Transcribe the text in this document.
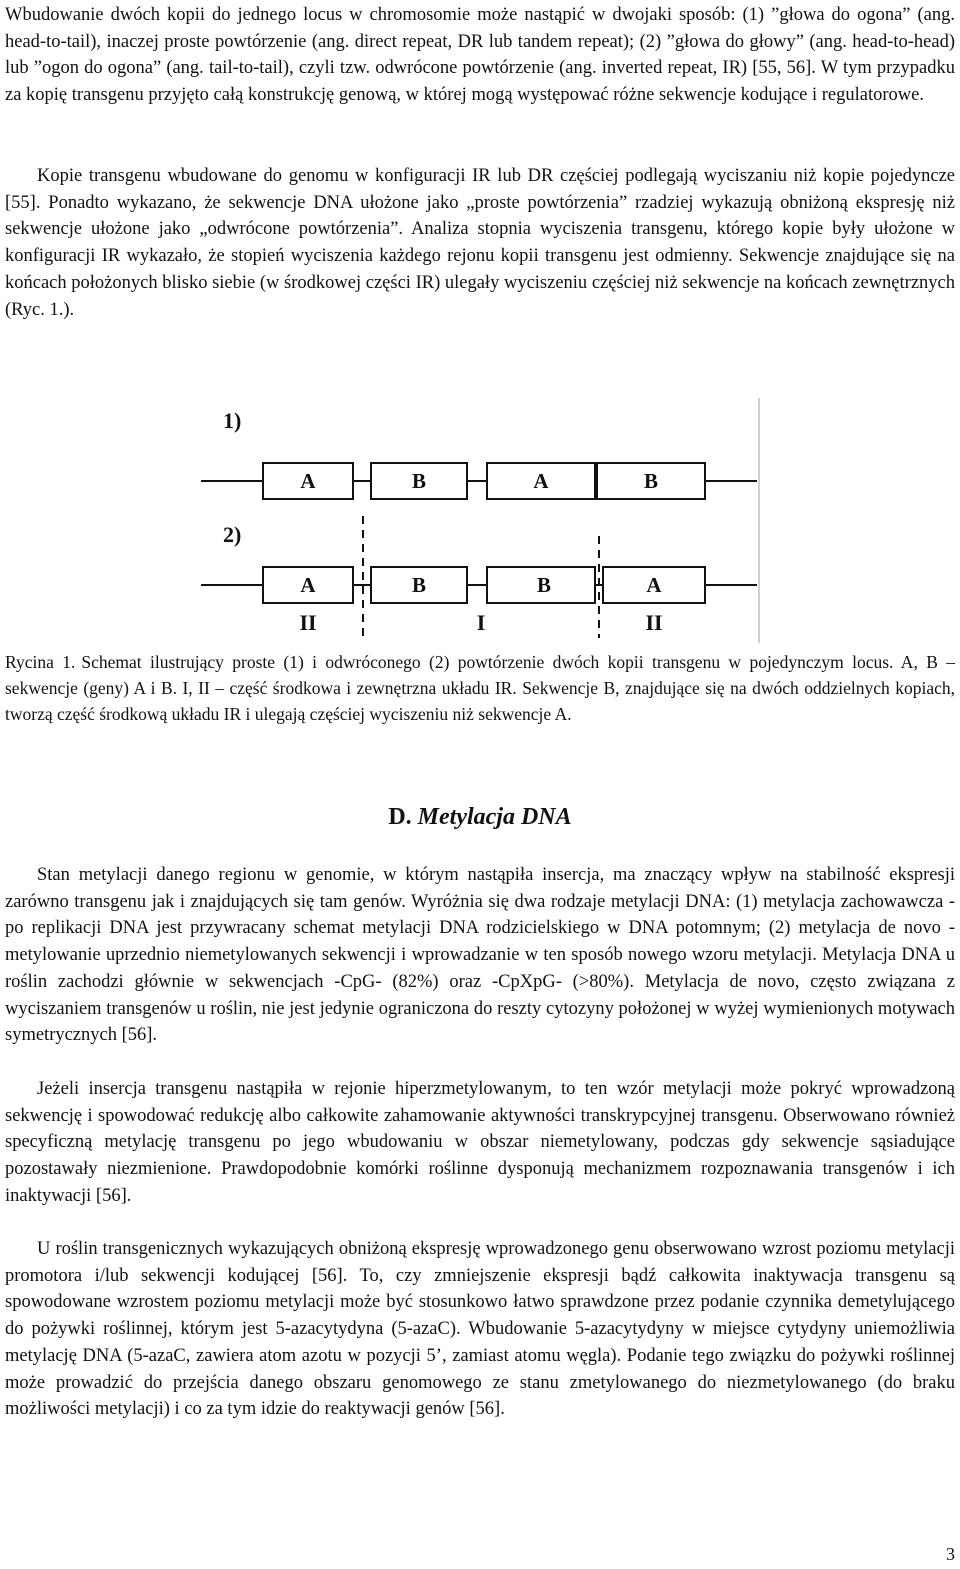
Wbudowanie dwóch kopii do jednego locus w chromosomie może nastąpić w dwojaki sposób: (1) ”głowa do ogona” (ang. head-to-tail), inaczej proste powtórzenie (ang. direct repeat, DR lub tandem repeat); (2) ”głowa do głowy” (ang. head-to-head) lub ”ogon do ogona” (ang. tail-to-tail), czyli tzw. odwrócone powtórzenie (ang. inverted repeat, IR) [55, 56]. W tym przypadku za kopię transgenu przyjęto całą konstrukcję genową, w której mogą występować różne sekwencje kodujące i regulatorowe.

Kopie transgenu wbudowane do genomu w konfiguracji IR lub DR częściej podlegają wyciszaniu niż kopie pojedyncze [55]. Ponadto wykazano, że sekwencje DNA ułożone jako „proste powtórzenia” rzadziej wykazują obniżoną ekspresję niż sekwencje ułożone jako „odwrócone powtórzenia”. Analiza stopnia wyciszenia transgenu, którego kopie były ułożone w konfiguracji IR wykazało, że stopień wyciszenia każdego rejonu kopii transgenu jest odmienny. Sekwencje znajdujące się na końcach położonych blisko siebie (w środkowej części IR) ulegały wyciszeniu częściej niż sekwencje na końcach zewnętrznych (Ryc. 1.).

1)
A	B	A	B
2)
A	B	B	A
II	I	II

Rycina 1. Schemat ilustrujący proste (1) i odwróconego (2) powtórzenie dwóch kopii transgenu w pojedynczym locus. A, B – sekwencje (geny) A i B. I, II – część środkowa i zewnętrzna układu IR. Sekwencje B, znajdujące się na dwóch oddzielnych kopiach, tworzą część środkową układu IR i ulegają częściej wyciszeniu niż sekwencje A.

D. Metylacja DNA

Stan metylacji danego regionu w genomie, w którym nastąpiła insercja, ma znaczący wpływ na stabilność ekspresji zarówno transgenu jak i znajdujących się tam genów. Wyróżnia się dwa rodzaje metylacji DNA: (1) metylacja zachowawcza - po replikacji DNA jest przywracany schemat metylacji DNA rodzicielskiego w DNA potomnym; (2) metylacja de novo - metylowanie uprzednio niemetylowanych sekwencji i wprowadzanie w ten sposób nowego wzoru metylacji. Metylacja DNA u roślin zachodzi głównie w sekwencjach -CpG- (82%) oraz -CpXpG- (>80%). Metylacja de novo, często związana z wyciszaniem transgenów u roślin, nie jest jedynie ograniczona do reszty cytozyny położonej w wyżej wymienionych motywach symetrycznych [56].

Jeżeli insercja transgenu nastąpiła w rejonie hiperzmetylowanym, to ten wzór metylacji może pokryć wprowadzoną sekwencję i spowodować redukcję albo całkowite zahamowanie aktywności transkrypcyjnej transgenu. Obserwowano również specyficzną metylację transgenu po jego wbudowaniu w obszar niemetylowany, podczas gdy sekwencje sąsiadujące pozostawały niezmienione. Prawdopodobnie komórki roślinne dysponują mechanizmem rozpoznawania transgenów i ich inaktywacji [56].

U roślin transgenicznych wykazujących obniżoną ekspresję wprowadzonego genu obserwowano wzrost poziomu metylacji promotora i/lub sekwencji kodującej [56]. To, czy zmniejszenie ekspresji bądź całkowita inaktywacja transgenu są spowodowane wzrostem poziomu metylacji może być stosunkowo łatwo sprawdzone przez podanie czynnika demetylującego do pożywki roślinnej, którym jest 5-azacytydyna (5-azaC). Wbudowanie 5-azacytydyny w miejsce cytydyny uniemożliwia metylację DNA (5-azaC, zawiera atom azotu w pozycji 5’, zamiast atomu węgla). Podanie tego związku do pożywki roślinnej może prowadzić do przejścia danego obszaru genomowego ze stanu zmetylowanego do niezmetylowanego (do braku możliwości metylacji) i co za tym idzie do reaktywacji genów [56].

3
